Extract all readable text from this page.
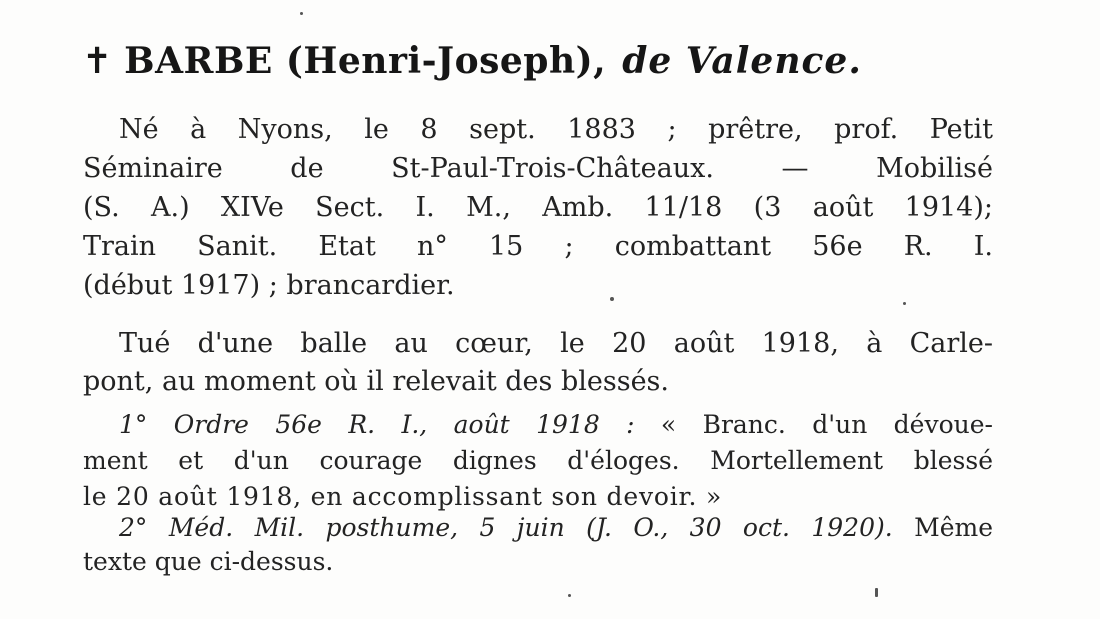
✝ BARBE (Henri-Joseph), de Valence.
Né à Nyons, le 8 sept. 1883 ; prêtre, prof. Petit
Séminaire de St-Paul-Trois-Châteaux. — Mobilisé
(S. A.) XIVe Sect. I. M., Amb. 11/18 (3 août 1914);
Train Sanit. Etat n° 15 ; combattant 56e R. I.
(début 1917) ; brancardier.
Tué d'une balle au cœur, le 20 août 1918, à Carle-
pont, au moment où il relevait des blessés.
1° Ordre 56e R. I., août 1918 : « Branc. d'un dévoue-
ment et d'un courage dignes d'éloges. Mortellement blessé
le 20 août 1918, en accomplissant son devoir. »
2° Méd. Mil. posthume, 5 juin (J. O., 30 oct. 1920). Même
texte que ci-dessus.
